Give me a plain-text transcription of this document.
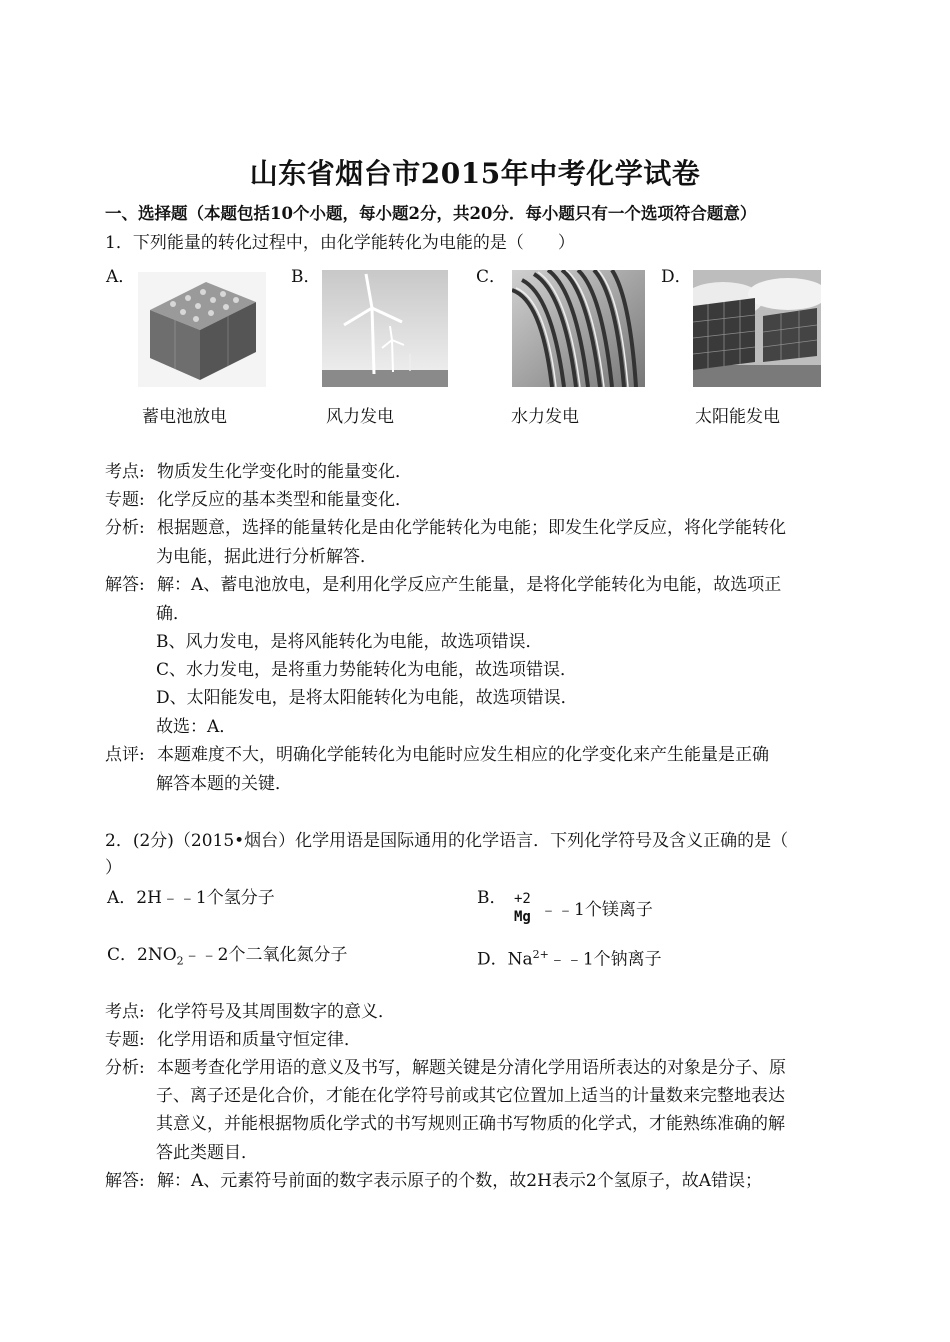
山东省烟台市2015年中考化学试卷
一、选择题（本题包括10个小题，每小题2分，共20分．每小题只有一个选项符合题意）
1．下列能量的转化过程中，由化学能转化为电能的是（　　）
A．	B．	C．	D．
蓄电池放电	风力发电	水力发电	太阳能发电
考点: 物质发生化学变化时的能量变化．
专题: 化学反应的基本类型和能量变化．
分析: 根据题意，选择的能量转化是由化学能转化为电能；即发生化学反应，将化学能转化
为电能，据此进行分析解答．
解答: 解：A、蓄电池放电，是利用化学反应产生能量，是将化学能转化为电能，故选项正
确．
B、风力发电，是将风能转化为电能，故选项错误．
C、水力发电，是将重力势能转化为电能，故选项错误．
D、太阳能发电，是将太阳能转化为电能，故选项错误．
故选：A．
点评: 本题难度不大，明确化学能转化为电能时应发生相应的化学变化来产生能量是正确
解答本题的关键．
2．(2分)（2015•烟台）化学用语是国际通用的化学语言．下列化学符号及含义正确的是（
）
A．2H﹣﹣1个氢分子	B． +2
Mg ﹣﹣1个镁离子
C．$2NO_2﹣﹣2$个二氧化氮分子	D．$Na^{2+}﹣﹣1$个钠离子
考点: 化学符号及其周围数字的意义．
专题: 化学用语和质量守恒定律．
分析: 本题考查化学用语的意义及书写，解题关键是分清化学用语所表达的对象是分子、原
子、离子还是化合价，才能在化学符号前或其它位置加上适当的计量数来完整地表达
其意义，并能根据物质化学式的书写规则正确书写物质的化学式，才能熟练准确的解
答此类题目．
解答: 解：A、元素符号前面的数字表示原子的个数，故2H表示2个氢原子，故A错误；
